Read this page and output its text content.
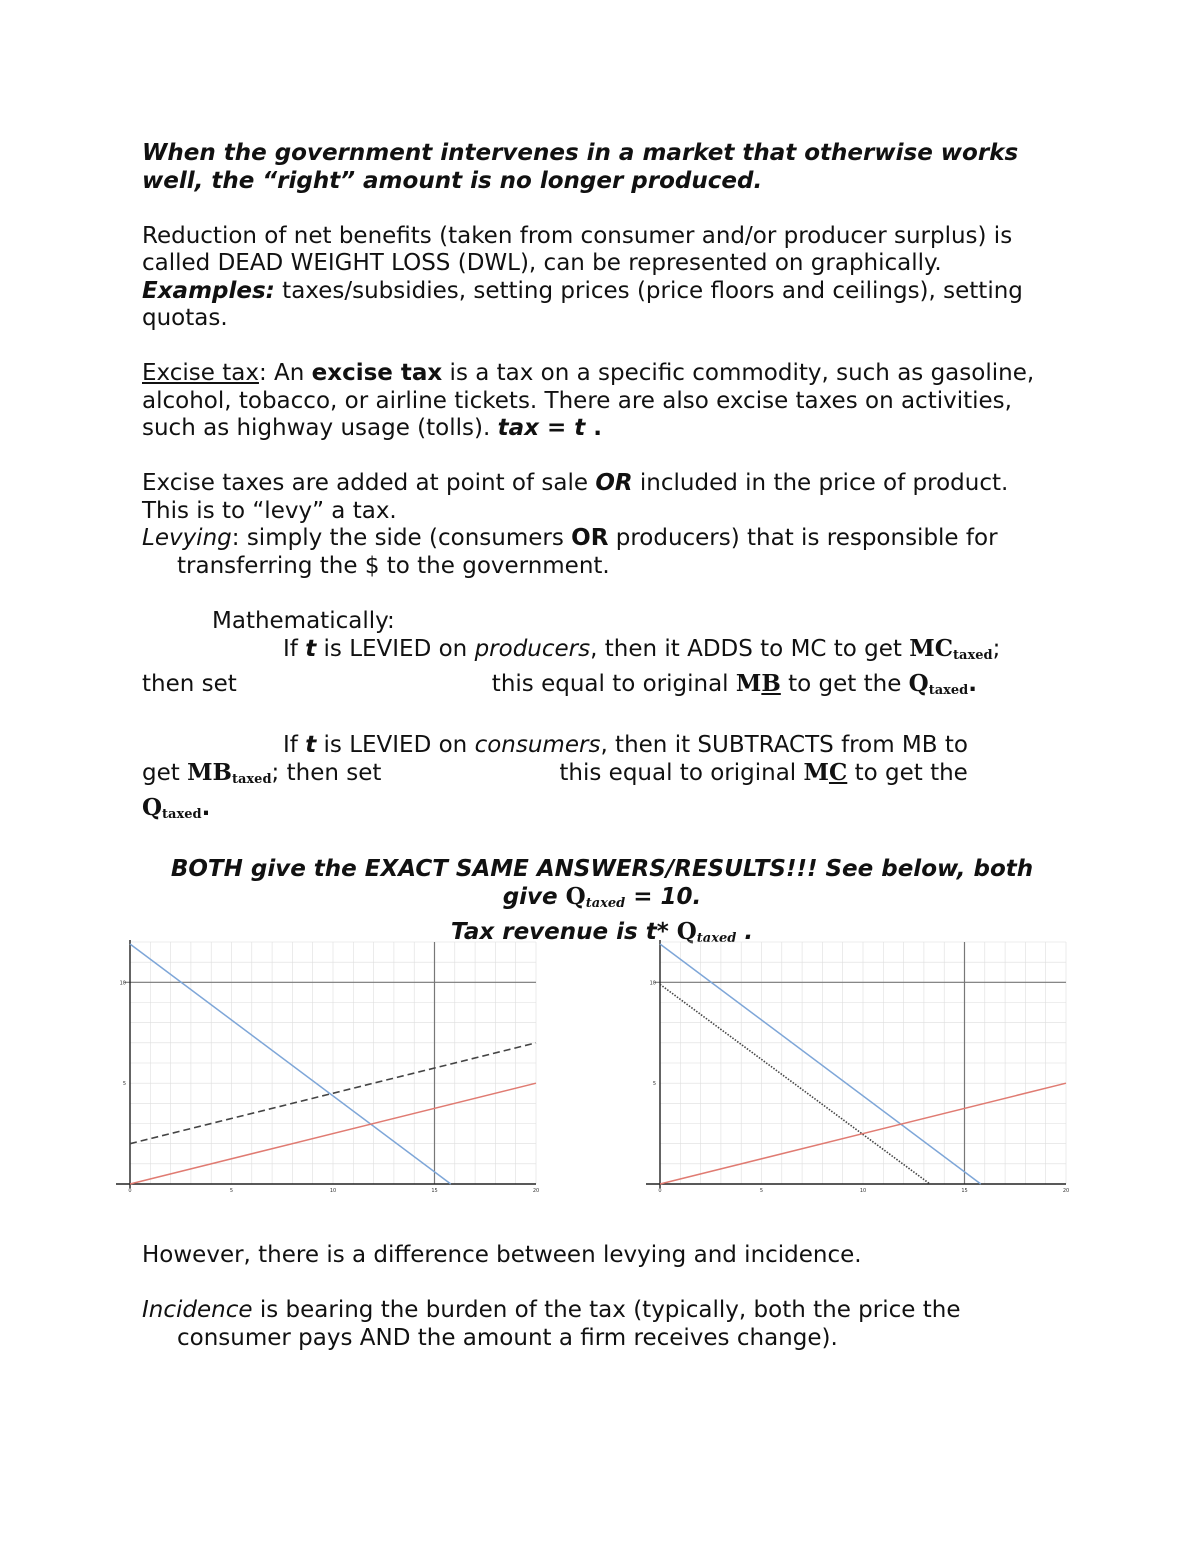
When the government intervenes in a market that otherwise works well, the “right” amount is no longer produced.

Reduction of net benefits (taken from consumer and/or producer surplus) is called DEAD WEIGHT LOSS (DWL), can be represented on graphically. Examples: taxes/subsidies, setting prices (price floors and ceilings), setting quotas.

Excise tax: An excise tax is a tax on a specific commodity, such as gasoline, alcohol, tobacco, or airline tickets. There are also excise taxes on activities, such as highway usage (tolls). tax = t .

Excise taxes are added at point of sale OR included in the price of product. This is to “levy” a tax.

Levying: simply the side (consumers OR producers) that is responsible for transferring the $ to the government.

Mathematically:

If t is LEVIED on producers, then it ADDS to MC to get $MC_{taxed}$;

then set	this equal to original MB to get the $Q_{taxed}$.

If t is LEVIED on consumers, then it SUBTRACTS from MB to

get $MB_{taxed}$; then set	this equal to original MC to get the

$Q_{taxed}$.

BOTH give the EXACT SAME ANSWERS/RESULTS!!! See below, both

give $Q_{taxed} = 10$.

Tax revenue is t* $Q_{taxed}$ .

0	5	10	15	20
5
10
0	5	10	15	20
5
10

However, there is a difference between levying and incidence.

Incidence is bearing the burden of the tax (typically, both the price the consumer pays AND the amount a firm receives change).
